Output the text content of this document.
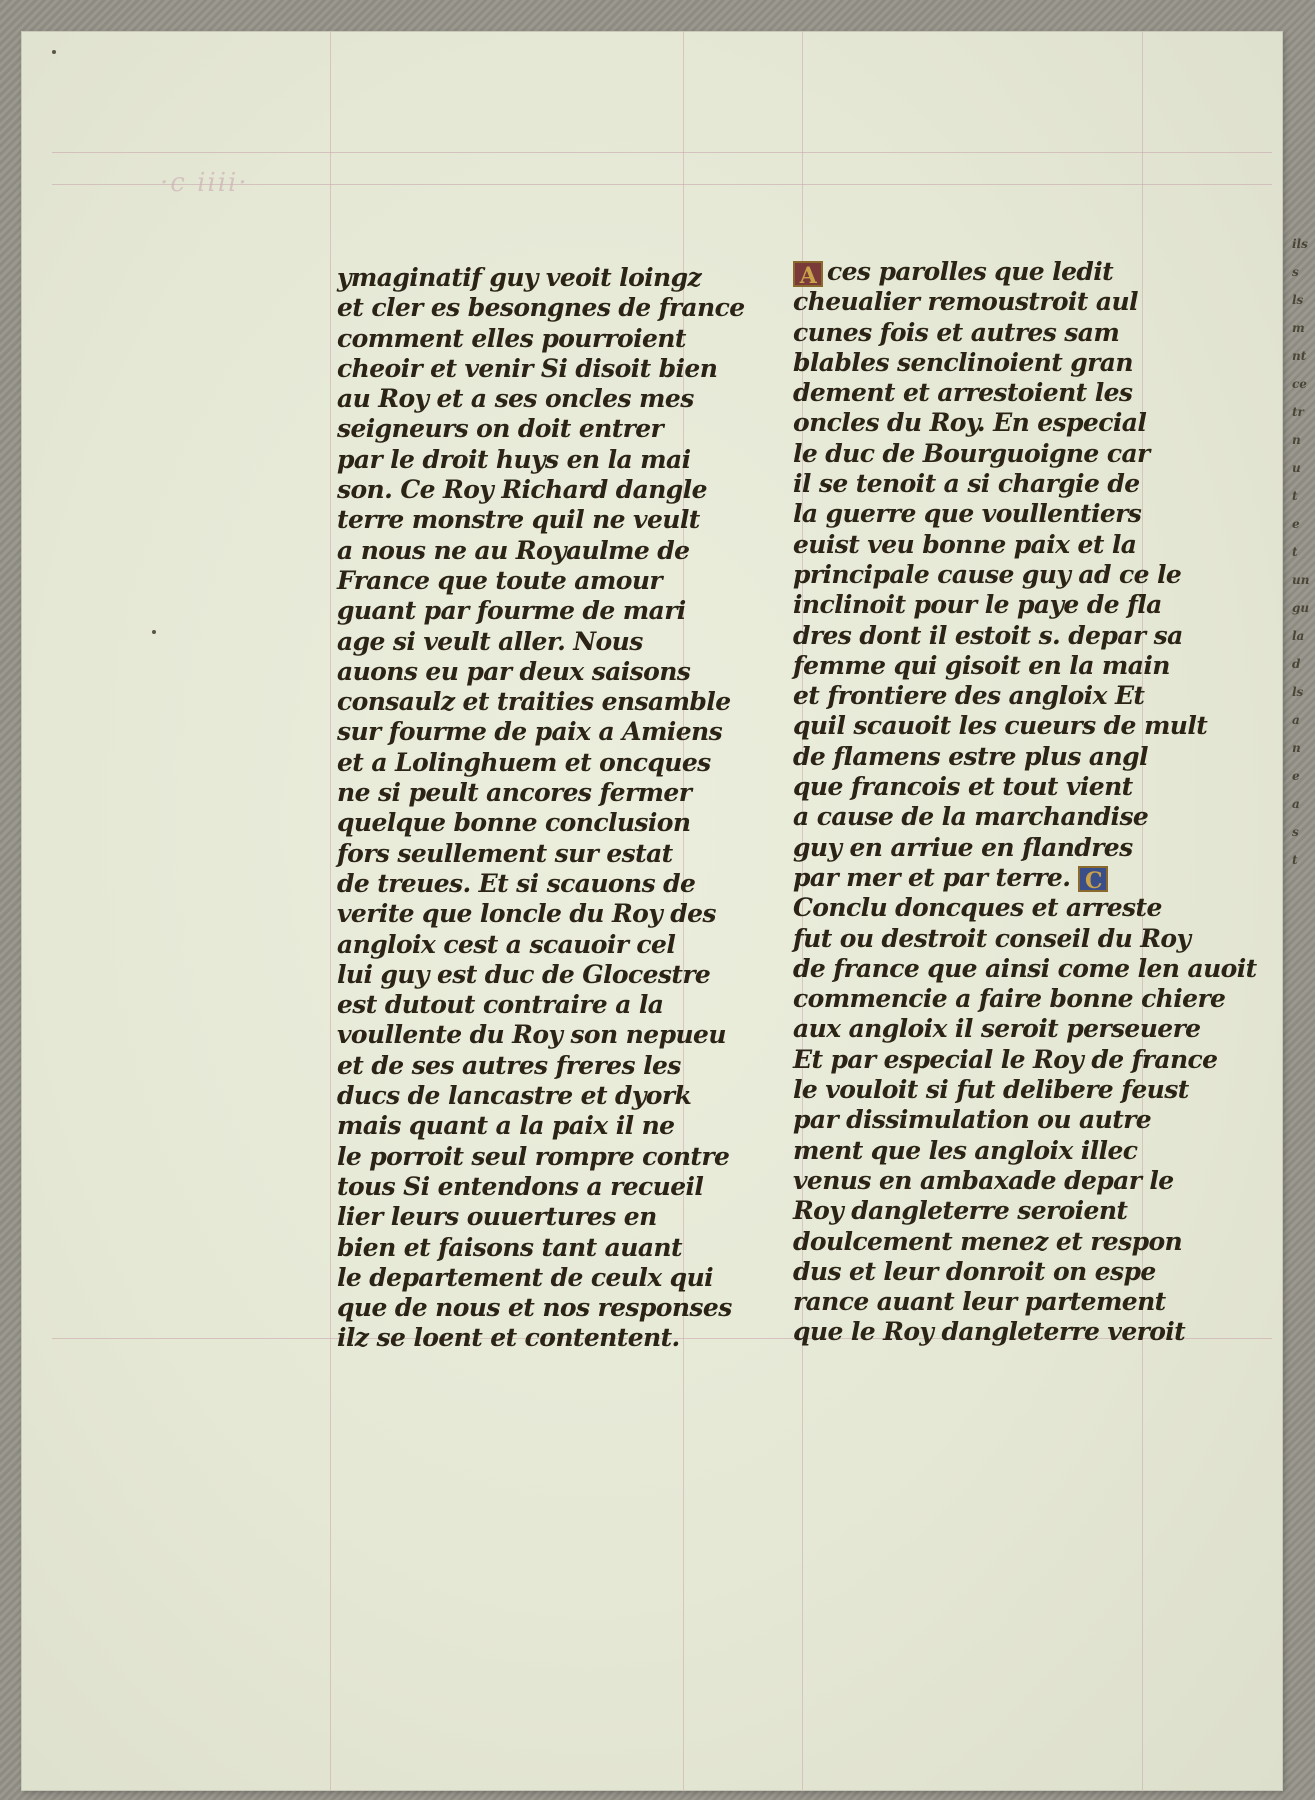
·c iiii·
ymaginatif guy veoit loingz
et cler es besongnes de france
comment elles pourroient
cheoir et venir Si disoit bien
au Roy et a ses oncles mes
seigneurs on doit entrer
par le droit huys en la mai
son. Ce Roy Richard dangle
terre monstre quil ne veult
a nous ne au Royaulme de
France que toute amour
guant par fourme de mari
age si veult aller. Nous
auons eu par deux saisons
consaulz et traities ensamble
sur fourme de paix a Amiens
et a Lolinghuem et oncques
ne si peult ancores fermer
quelque bonne conclusion
fors seullement sur estat
de treues. Et si scauons de
verite que loncle du Roy des
angloix cest a scauoir cel
lui guy est duc de Glocestre
est dutout contraire a la
voullente du Roy son nepueu
et de ses autres freres les
ducs de lancastre et dyork
mais quant a la paix il ne
le porroit seul rompre contre
tous Si entendons a recueil
lier leurs ouuertures en
bien et faisons tant auant
le departement de ceulx qui
que de nous et nos responses
ilz se loent et contentent.
A ces parolles que ledit
cheualier remoustroit aul
cunes fois et autres sam
blables senclinoient gran
dement et arrestoient les
oncles du Roy. En especial
le duc de Bourguoigne car
il se tenoit a si chargie de
la guerre que voullentiers
euist veu bonne paix et la
principale cause guy ad ce le
inclinoit pour le paye de fla
dres dont il estoit s. depar sa
femme qui gisoit en la main
et frontiere des angloix Et
quil scauoit les cueurs de mult
de flamens estre plus angl
que francois et tout vient
a cause de la marchandise
guy en arriue en flandres
par mer et par terre. C
Conclu doncques et arreste
fut ou destroit conseil du Roy
de france que ainsi come len auoit
commencie a faire bonne chiere
aux angloix il seroit perseuere
Et par especial le Roy de france
le vouloit si fut delibere feust
par dissimulation ou autre
ment que les angloix illec
venus en ambaxade depar le
Roy dangleterre seroient
doulcement menez et respon
dus et leur donroit on espe
rance auant leur partement
que le Roy dangleterre veroit
ils
s
ls
m
nt
ce
tr
n
u
t
e
t
un
gu
la
d
ls
a
n
e
a
s
t
